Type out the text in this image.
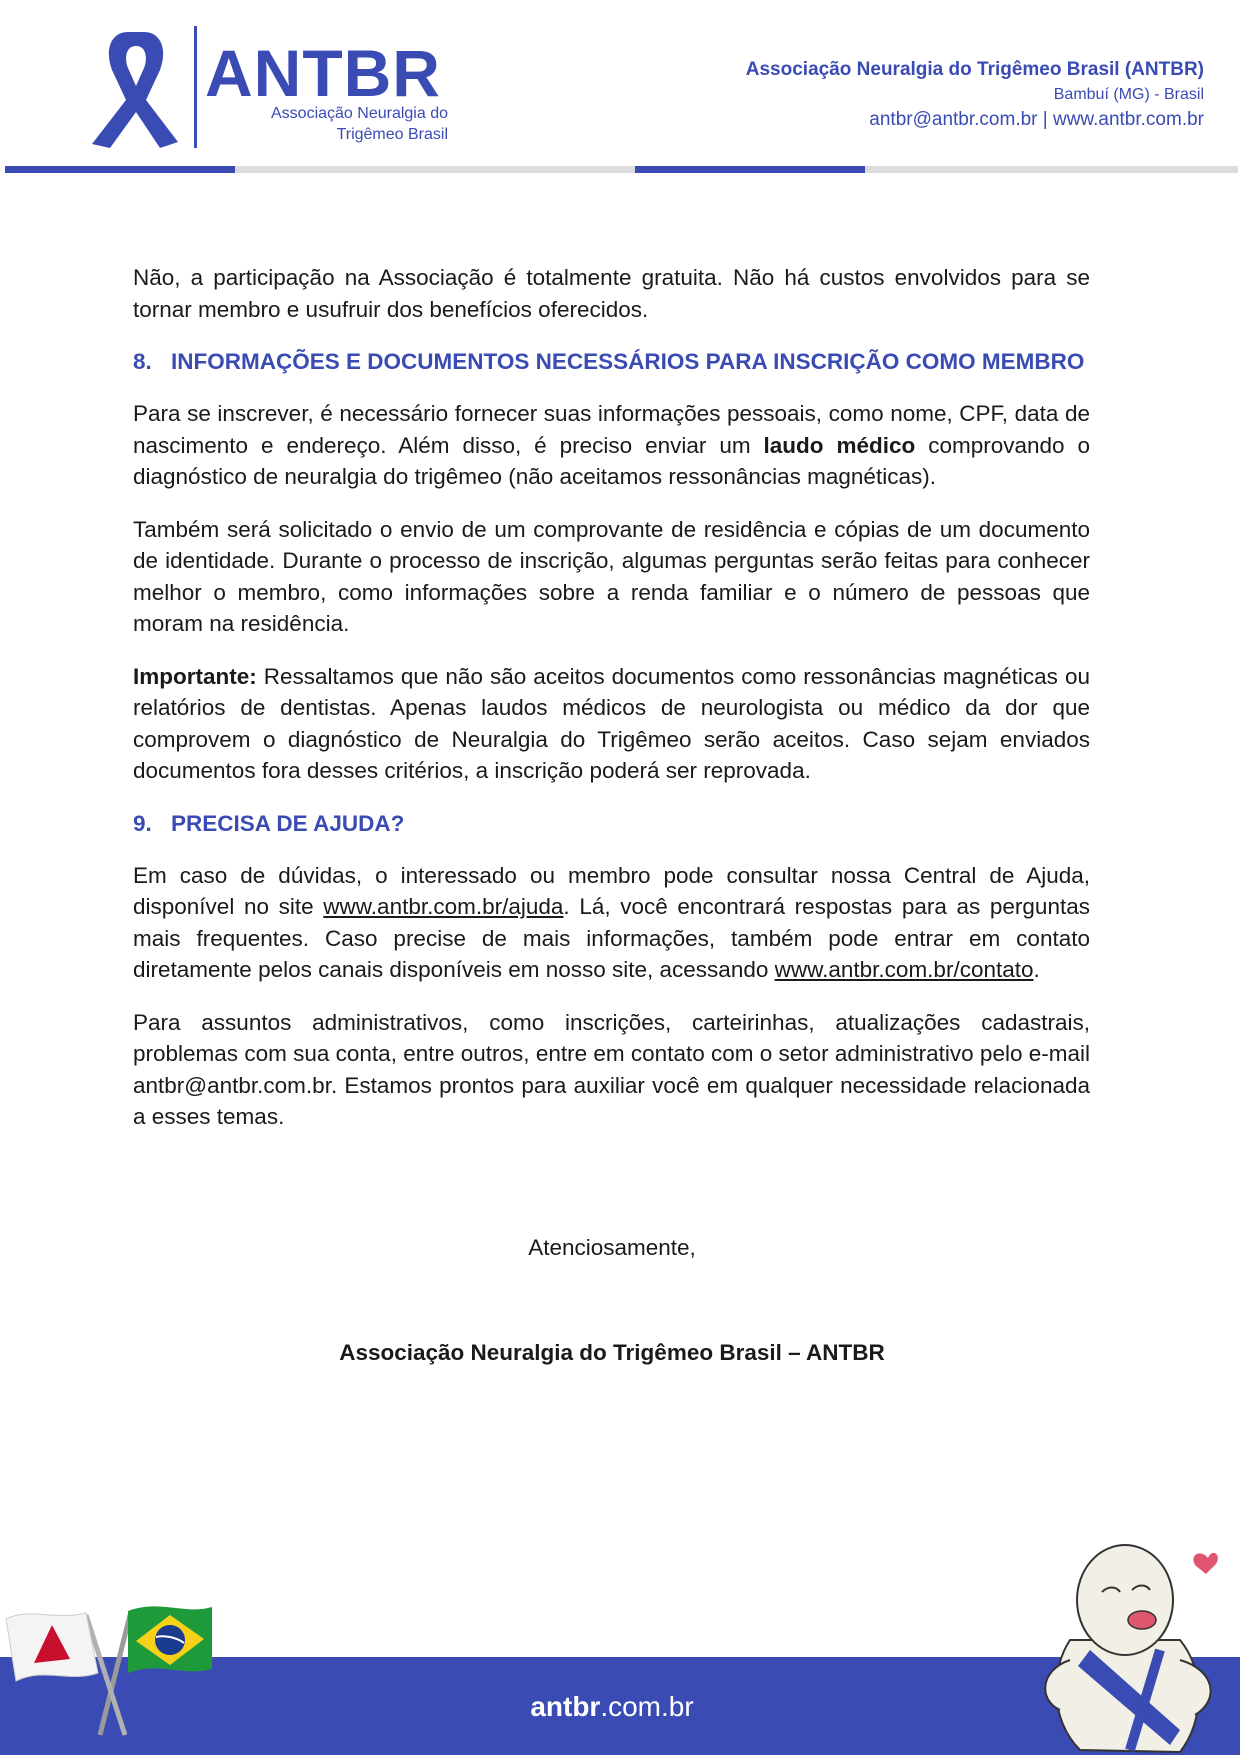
ANTBR
Associação Neuralgia do
Trigêmeo Brasil
Associação Neuralgia do Trigêmeo Brasil (ANTBR)
Bambuí (MG) - Brasil
antbr@antbr.com.br | www.antbr.com.br

Não, a participação na Associação é totalmente gratuita. Não há custos envolvidos para se tornar membro e usufruir dos benefícios oferecidos.

8. INFORMAÇÕES E DOCUMENTOS NECESSÁRIOS PARA INSCRIÇÃO COMO MEMBRO

Para se inscrever, é necessário fornecer suas informações pessoais, como nome, CPF, data de nascimento e endereço. Além disso, é preciso enviar um laudo médico comprovando o diagnóstico de neuralgia do trigêmeo (não aceitamos ressonâncias magnéticas).

Também será solicitado o envio de um comprovante de residência e cópias de um documento de identidade. Durante o processo de inscrição, algumas perguntas serão feitas para conhecer melhor o membro, como informações sobre a renda familiar e o número de pessoas que moram na residência.

Importante: Ressaltamos que não são aceitos documentos como ressonâncias magnéticas ou relatórios de dentistas. Apenas laudos médicos de neurologista ou médico da dor que comprovem o diagnóstico de Neuralgia do Trigêmeo serão aceitos. Caso sejam enviados documentos fora desses critérios, a inscrição poderá ser reprovada.

9. PRECISA DE AJUDA?

Em caso de dúvidas, o interessado ou membro pode consultar nossa Central de Ajuda, disponível no site www.antbr.com.br/ajuda. Lá, você encontrará respostas para as perguntas mais frequentes. Caso precise de mais informações, também pode entrar em contato diretamente pelos canais disponíveis em nosso site, acessando www.antbr.com.br/contato.

Para assuntos administrativos, como inscrições, carteirinhas, atualizações cadastrais, problemas com sua conta, entre outros, entre em contato com o setor administrativo pelo e-mail antbr@antbr.com.br. Estamos prontos para auxiliar você em qualquer necessidade relacionada a esses temas.

Atenciosamente,
Associação Neuralgia do Trigêmeo Brasil – ANTBR
antbr.com.br
